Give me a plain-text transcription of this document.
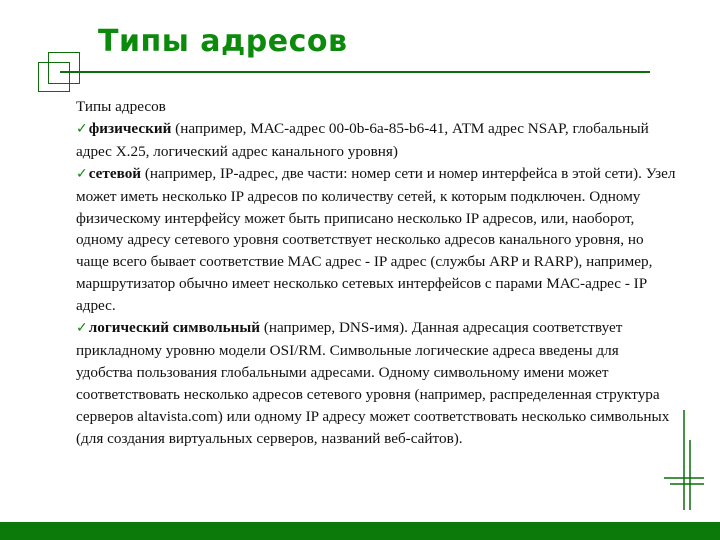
Типы адресов
Типы адресов
✓физический (например, МАС-адрес 00-0b-6a-85-b6-41, АТМ адрес NSAP, глобальный адрес Х.25, логический адрес канального уровня)
✓сетевой (например, IP-адрес, две части: номер сети и номер интерфейса в этой сети). Узел может иметь несколько IP адресов по количеству сетей, к которым подключен. Одному физическому интерфейсу может быть приписано несколько IP адресов, или, наоборот, одному адресу сетевого уровня соответствует несколько адресов канального уровня, но чаще всего бывает соответствие МАС адрес - IP адрес (службы ARP и RARP), например, маршрутизатор обычно имеет несколько сетевых интерфейсов с парами МАС-адрес - IP адрес.
✓логический символьный (например, DNS-имя). Данная адресация соответствует прикладному уровню модели OSI/RM. Символьные логические адреса введены для удобства пользования глобальными адресами. Одному символьному имени может соответствовать несколько адресов сетевого уровня (например, распределенная структура серверов altavista.com) или одному IP адресу может соответствовать несколько символьных (для создания виртуальных серверов, названий веб-сайтов).
